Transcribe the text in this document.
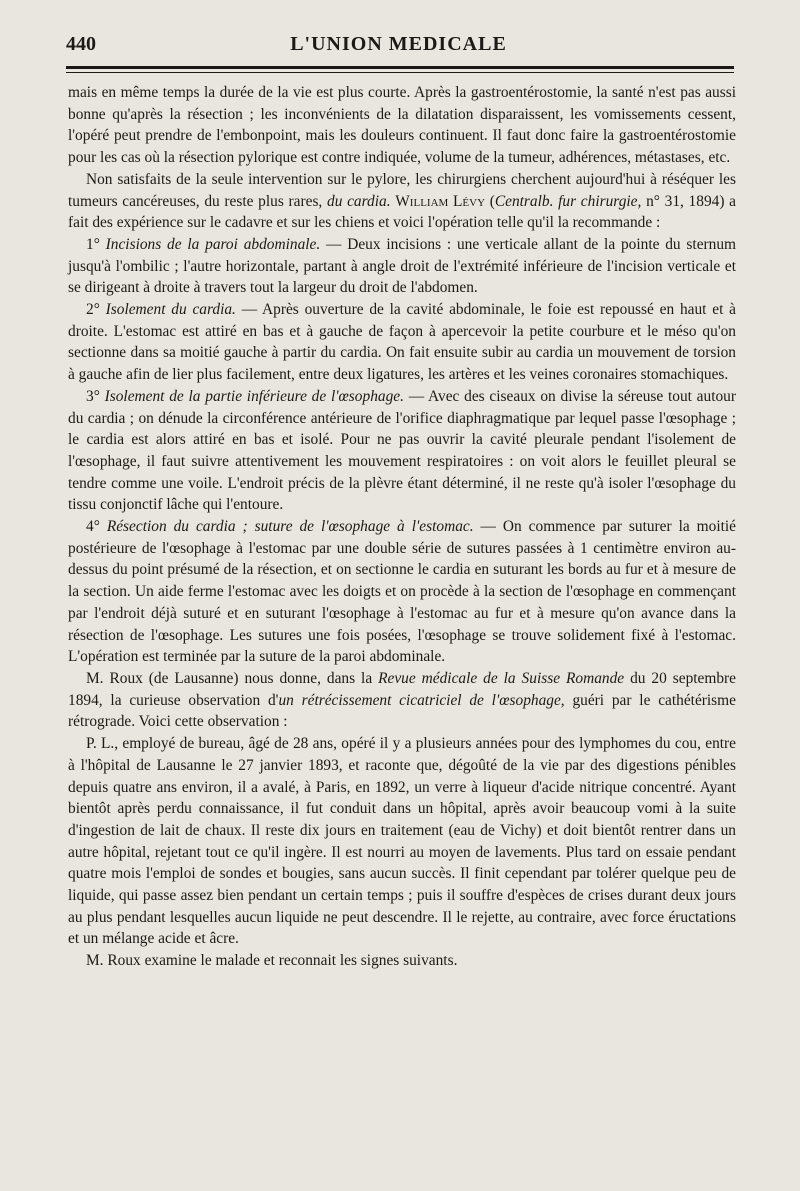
440	L'UNION MEDICALE

mais en même temps la durée de la vie est plus courte. Après la gastroentérostomie, la santé n'est pas aussi bonne qu'après la résection ; les inconvénients de la dilatation disparaissent, les vomissements cessent, l'opéré peut prendre de l'embonpoint, mais les douleurs continuent. Il faut donc faire la gastroentérostomie pour les cas où la résection pylorique est contre indiquée, volume de la tumeur, adhérences, métastases, etc.

Non satisfaits de la seule intervention sur le pylore, les chirurgiens cherchent aujourd'hui à réséquer les tumeurs cancéreuses, du reste plus rares, du cardia. William Lévy (Centralb. fur chirurgie, n° 31, 1894) a fait des expérience sur le cadavre et sur les chiens et voici l'opération telle qu'il la recommande :

1° Incisions de la paroi abdominale. — Deux incisions : une verticale allant de la pointe du sternum jusqu'à l'ombilic ; l'autre horizontale, partant à angle droit de l'extrémité inférieure de l'incision verticale et se dirigeant à droite à travers tout la largeur du droit de l'abdomen.

2° Isolement du cardia. — Après ouverture de la cavité abdominale, le foie est repoussé en haut et à droite. L'estomac est attiré en bas et à gauche de façon à apercevoir la petite courbure et le méso qu'on sectionne dans sa moitié gauche à partir du cardia. On fait ensuite subir au cardia un mouvement de torsion à gauche afin de lier plus facilement, entre deux ligatures, les artères et les veines coronaires stomachiques.

3° Isolement de la partie inférieure de l'œsophage. — Avec des ciseaux on divise la séreuse tout autour du cardia ; on dénude la circonférence antérieure de l'orifice diaphragmatique par lequel passe l'œsophage ; le cardia est alors attiré en bas et isolé. Pour ne pas ouvrir la cavité pleurale pendant l'isolement de l'œsophage, il faut suivre attentivement les mouvement respiratoires : on voit alors le feuillet pleural se tendre comme une voile. L'endroit précis de la plèvre étant déterminé, il ne reste qu'à isoler l'œsophage du tissu conjonctif lâche qui l'entoure.

4° Résection du cardia ; suture de l'œsophage à l'estomac. — On commence par suturer la moitié postérieure de l'œsophage à l'estomac par une double série de sutures passées à 1 centimètre environ au-dessus du point présumé de la résection, et on sectionne le cardia en suturant les bords au fur et à mesure de la section. Un aide ferme l'estomac avec les doigts et on procède à la section de l'œsophage en commençant par l'endroit déjà suturé et en suturant l'œsophage à l'estomac au fur et à mesure qu'on avance dans la résection de l'œsophage. Les sutures une fois posées, l'œsophage se trouve solidement fixé à l'estomac. L'opération est terminée par la suture de la paroi abdominale.

M. Roux (de Lausanne) nous donne, dans la Revue médicale de la Suisse Romande du 20 septembre 1894, la curieuse observation d'un rétrécissement cicatriciel de l'œsophage, guéri par le cathétérisme rétrograde. Voici cette observation :

P. L., employé de bureau, âgé de 28 ans, opéré il y a plusieurs années pour des lymphomes du cou, entre à l'hôpital de Lausanne le 27 janvier 1893, et raconte que, dégoûté de la vie par des digestions pénibles depuis quatre ans environ, il a avalé, à Paris, en 1892, un verre à liqueur d'acide nitrique concentré. Ayant bientôt après perdu connaissance, il fut conduit dans un hôpital, après avoir beaucoup vomi à la suite d'ingestion de lait de chaux. Il reste dix jours en traitement (eau de Vichy) et doit bientôt rentrer dans un autre hôpital, rejetant tout ce qu'il ingère. Il est nourri au moyen de lavements. Plus tard on essaie pendant quatre mois l'emploi de sondes et bougies, sans aucun succès. Il finit cependant par tolérer quelque peu de liquide, qui passe assez bien pendant un certain temps ; puis il souffre d'espèces de crises durant deux jours au plus pendant lesquelles aucun liquide ne peut descendre. Il le rejette, au contraire, avec force éructations et un mélange acide et âcre.

M. Roux examine le malade et reconnait les signes suivants.
